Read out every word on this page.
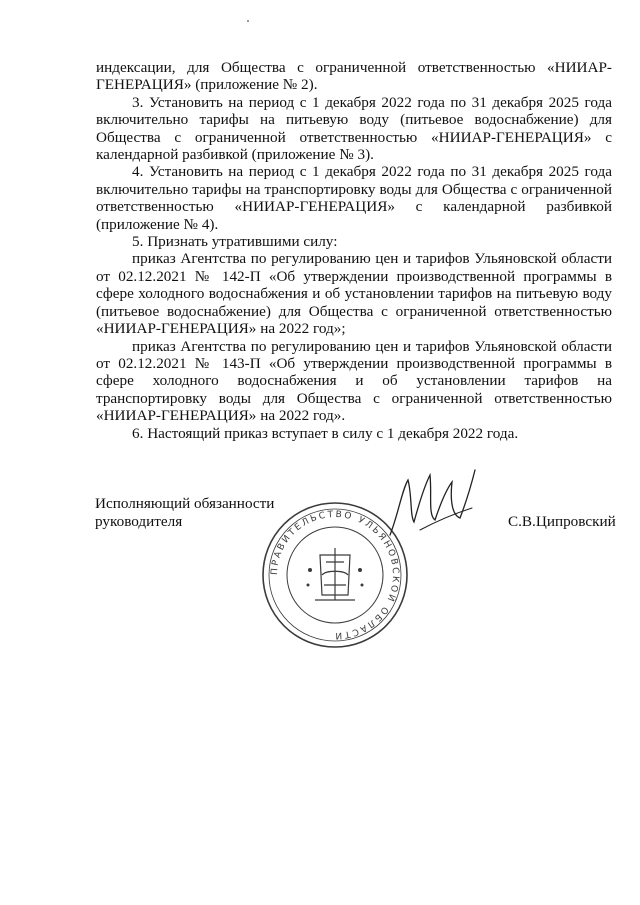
индексации, для Общества с ограниченной ответственностью «НИИАР-ГЕНЕРАЦИЯ» (приложение № 2).

3. Установить на период с 1 декабря 2022 года по 31 декабря 2025 года включительно тарифы на питьевую воду (питьевое водоснабжение) для Общества с ограниченной ответственностью «НИИАР-ГЕНЕРАЦИЯ» с календарной разбивкой (приложение № 3).

4. Установить на период с 1 декабря 2022 года по 31 декабря 2025 года включительно тарифы на транспортировку воды для Общества с ограниченной ответственностью «НИИАР-ГЕНЕРАЦИЯ» с календарной разбивкой (приложение № 4).

5. Признать утратившими силу:

приказ Агентства по регулированию цен и тарифов Ульяновской области от 02.12.2021 № 142-П «Об утверждении производственной программы в сфере холодного водоснабжения и об установлении тарифов на питьевую воду (питьевое водоснабжение) для Общества с ограниченной ответственностью «НИИАР-ГЕНЕРАЦИЯ» на 2022 год»;

приказ Агентства по регулированию цен и тарифов Ульяновской области от 02.12.2021 № 143-П «Об утверждении производственной программы в сфере холодного водоснабжения и об установлении тарифов на транспортировку воды для Общества с ограниченной ответственностью «НИИАР-ГЕНЕРАЦИЯ» на 2022 год».

6. Настоящий приказ вступает в силу с 1 декабря 2022 года.

Исполняющий обязанности
руководителя	С.В.Ципровский
ПРАВИТЕЛЬСТВО УЛЬЯНОВСКОЙ ОБЛАСТИ
